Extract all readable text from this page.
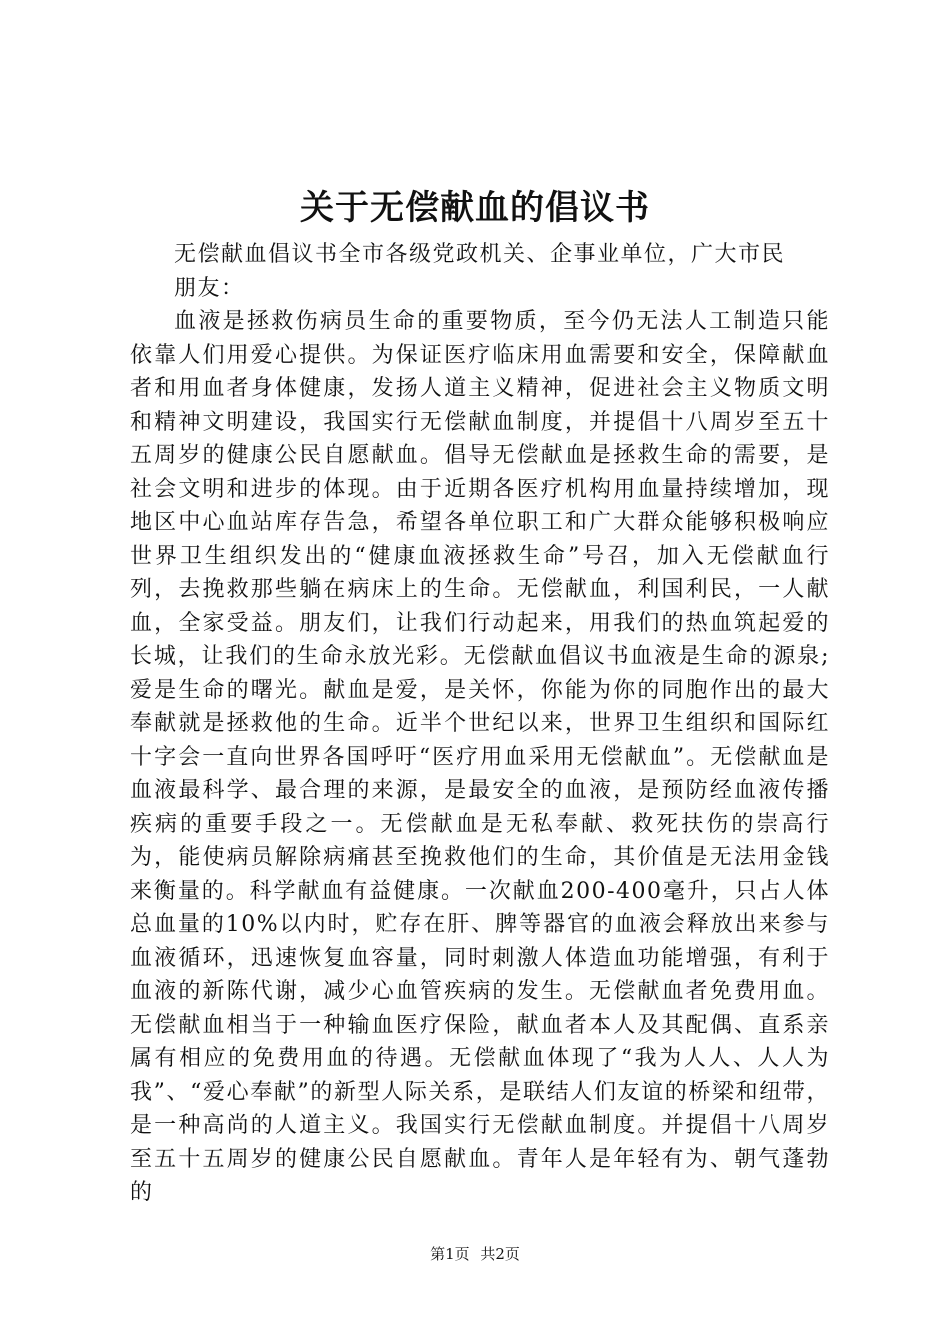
关于无偿献血的倡议书

无偿献血倡议书全市各级党政机关、企事业单位，广大市民

朋友：

血液是拯救伤病员生命的重要物质，至今仍无法人工制造只能依靠人们用爱心提供。为保证医疗临床用血需要和安全，保障献血者和用血者身体健康，发扬人道主义精神，促进社会主义物质文明和精神文明建设，我国实行无偿献血制度，并提倡十八周岁至五十五周岁的健康公民自愿献血。倡导无偿献血是拯救生命的需要，是社会文明和进步的体现。由于近期各医疗机构用血量持续增加，现地区中心血站库存告急，希望各单位职工和广大群众能够积极响应世界卫生组织发出的“健康血液拯救生命”号召，加入无偿献血行列，去挽救那些躺在病床上的生命。无偿献血，利国利民，一人献血，全家受益。朋友们，让我们行动起来，用我们的热血筑起爱的长城，让我们的生命永放光彩。无偿献血倡议书血液是生命的源泉;爱是生命的曙光。献血是爱，是关怀，你能为你的同胞作出的最大奉献就是拯救他的生命。近半个世纪以来，世界卫生组织和国际红十字会一直向世界各国呼吁“医疗用血采用无偿献血”。无偿献血是血液最科学、最合理的来源，是最安全的血液，是预防经血液传播疾病的重要手段之一。无偿献血是无私奉献、救死扶伤的崇高行为，能使病员解除病痛甚至挽救他们的生命，其价值是无法用金钱来衡量的。科学献血有益健康。一次献血200-400毫升，只占人体总血量的10%以内时，贮存在肝、脾等器官的血液会释放出来参与血液循环，迅速恢复血容量，同时刺激人体造血功能增强，有利于血液的新陈代谢，减少心血管疾病的发生。无偿献血者免费用血。无偿献血相当于一种输血医疗保险，献血者本人及其配偶、直系亲属有相应的免费用血的待遇。无偿献血体现了“我为人人、人人为我”、“爱心奉献”的新型人际关系，是联结人们友谊的桥梁和纽带，是一种高尚的人道主义。我国实行无偿献血制度。并提倡十八周岁至五十五周岁的健康公民自愿献血。青年人是年轻有为、朝气蓬勃的

第1页 共2页
